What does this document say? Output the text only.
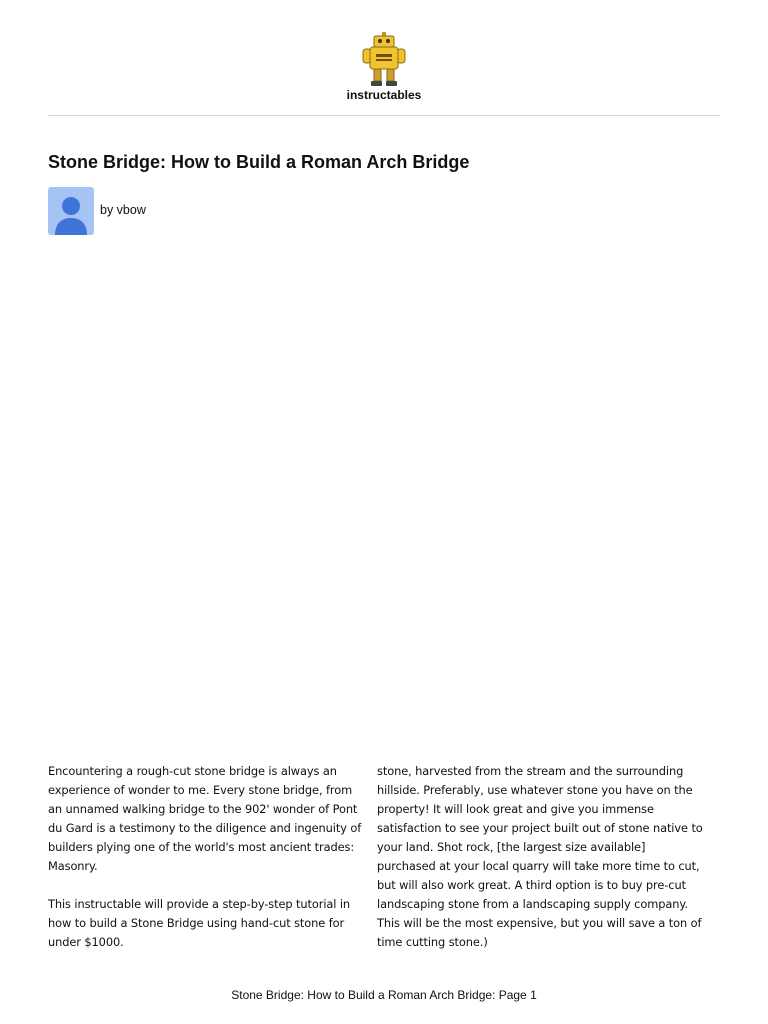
instructables
Stone Bridge: How to Build a Roman Arch Bridge
by vbow

Encountering a rough-cut stone bridge is always an experience of wonder to me. Every stone bridge, from an unnamed walking bridge to the 902' wonder of Pont du Gard is a testimony to the diligence and ingenuity of builders plying one of the world's most ancient trades: Masonry.

This instructable will provide a step-by-step tutorial in how to build a Stone Bridge using hand-cut stone for under $1000.

stone, harvested from the stream and the surrounding hillside. Preferably, use whatever stone you have on the property! It will look great and give you immense satisfaction to see your project built out of stone native to your land. Shot rock, [the largest size available] purchased at your local quarry will take more time to cut, but will also work great. A third option is to buy pre-cut landscaping stone from a landscaping supply company. This will be the most expensive, but you will save a ton of time cutting stone.)

Stone Bridge: How to Build a Roman Arch Bridge: Page 1
